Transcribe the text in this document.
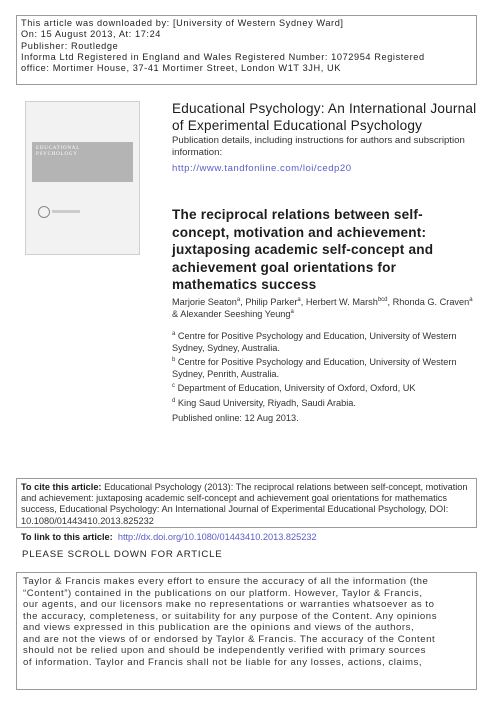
This article was downloaded by: [University of Western Sydney Ward]
On: 15 August 2013, At: 17:24
Publisher: Routledge
Informa Ltd Registered in England and Wales Registered Number: 1072954 Registered
office: Mortimer House, 37-41 Mortimer Street, London W1T 3JH, UK
EDUCATIONAL
PSYCHOLOGY
Educational Psychology: An International Journal of Experimental Educational Psychology
Publication details, including instructions for authors and subscription information:
http://www.tandfonline.com/loi/cedp20
The reciprocal relations between self-concept, motivation and achievement: juxtaposing academic self-concept and achievement goal orientations for mathematics success
Marjorie Seaton$^a$, Philip Parker$^a$, Herbert W. Marsh$^{bcd}$, Rhonda G. Craven$^a$ & Alexander Seeshing Yeung$^a$
$^a$ Centre for Positive Psychology and Education, University of Western Sydney, Sydney, Australia.
$^b$ Centre for Positive Psychology and Education, University of Western Sydney, Penrith, Australia.
$^c$ Department of Education, University of Oxford, Oxford, UK
$^d$ King Saud University, Riyadh, Saudi Arabia.
Published online: 12 Aug 2013.
To cite this article: Educational Psychology (2013): The reciprocal relations between self-concept, motivation and achievement: juxtaposing academic self-concept and achievement goal orientations for mathematics success, Educational Psychology: An International Journal of Experimental Educational Psychology, DOI: 10.1080/01443410.2013.825232
To link to this article: http://dx.doi.org/10.1080/01443410.2013.825232
PLEASE SCROLL DOWN FOR ARTICLE
Taylor & Francis makes every effort to ensure the accuracy of all the information (the
“Content”) contained in the publications on our platform. However, Taylor & Francis,
our agents, and our licensors make no representations or warranties whatsoever as to
the accuracy, completeness, or suitability for any purpose of the Content. Any opinions
and views expressed in this publication are the opinions and views of the authors,
and are not the views of or endorsed by Taylor & Francis. The accuracy of the Content
should not be relied upon and should be independently verified with primary sources
of information. Taylor and Francis shall not be liable for any losses, actions, claims,
